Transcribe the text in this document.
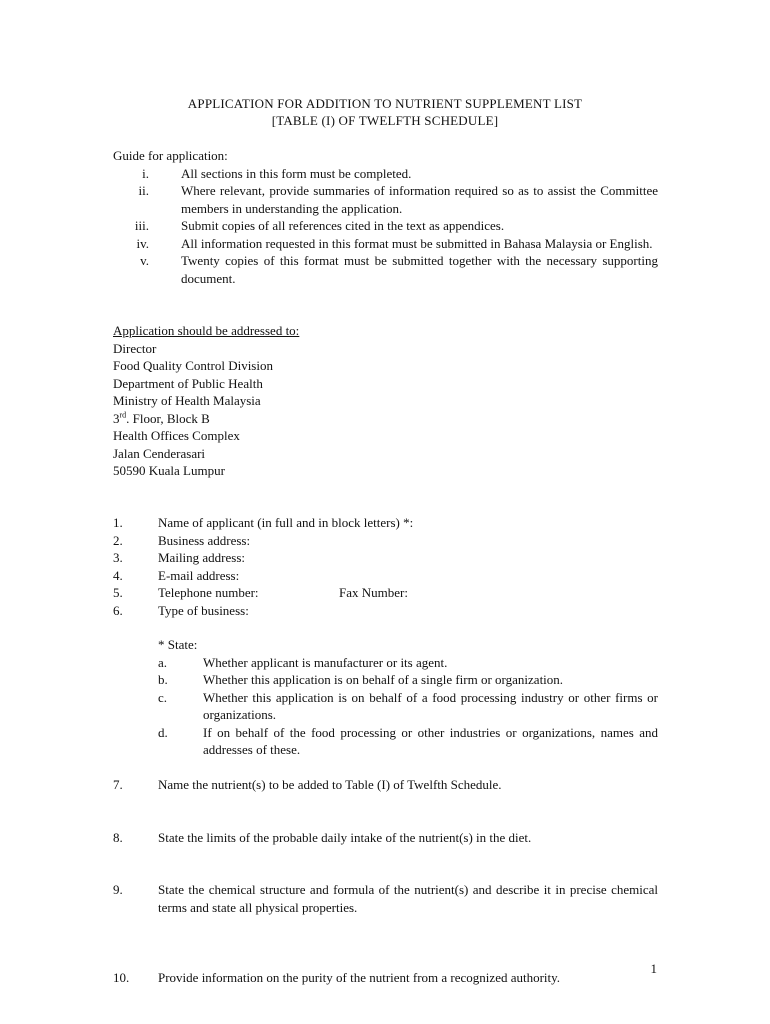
APPLICATION FOR ADDITION TO NUTRIENT SUPPLEMENT LIST
[TABLE (I) OF TWELFTH SCHEDULE]
Guide for application:
i. All sections in this form must be completed.
ii. Where relevant, provide summaries of information required so as to assist the Committee members in understanding the application.
iii. Submit copies of all references cited in the text as appendices.
iv. All information requested in this format must be submitted in Bahasa Malaysia or English.
v. Twenty copies of this format must be submitted together with the necessary supporting document.
Application should be addressed to:
Director
Food Quality Control Division
Department of Public Health
Ministry of Health Malaysia
3rd. Floor, Block B
Health Offices Complex
Jalan Cenderasari
50590 Kuala Lumpur
1.	Name of applicant (in full and in block letters) *:
2.	Business address:
3.	Mailing address:
4.	E-mail address:
5.	Telephone number:	Fax Number:
6.	Type of business:
* State:
a.	Whether applicant is manufacturer or its agent.
b.	Whether this application is on behalf of a single firm or organization.
c.	Whether this application is on behalf of a food processing industry or other firms or organizations.
d.	If on behalf of the food processing or other industries or organizations, names and addresses of these.
7.	Name the nutrient(s) to be added to Table (I) of Twelfth Schedule.
8.	State the limits of the probable daily intake of the nutrient(s) in the diet.
9.	State the chemical structure and formula of the nutrient(s) and describe it in precise chemical terms and state all physical properties.
10. Provide information on the purity of the nutrient from a recognized authority.
1
